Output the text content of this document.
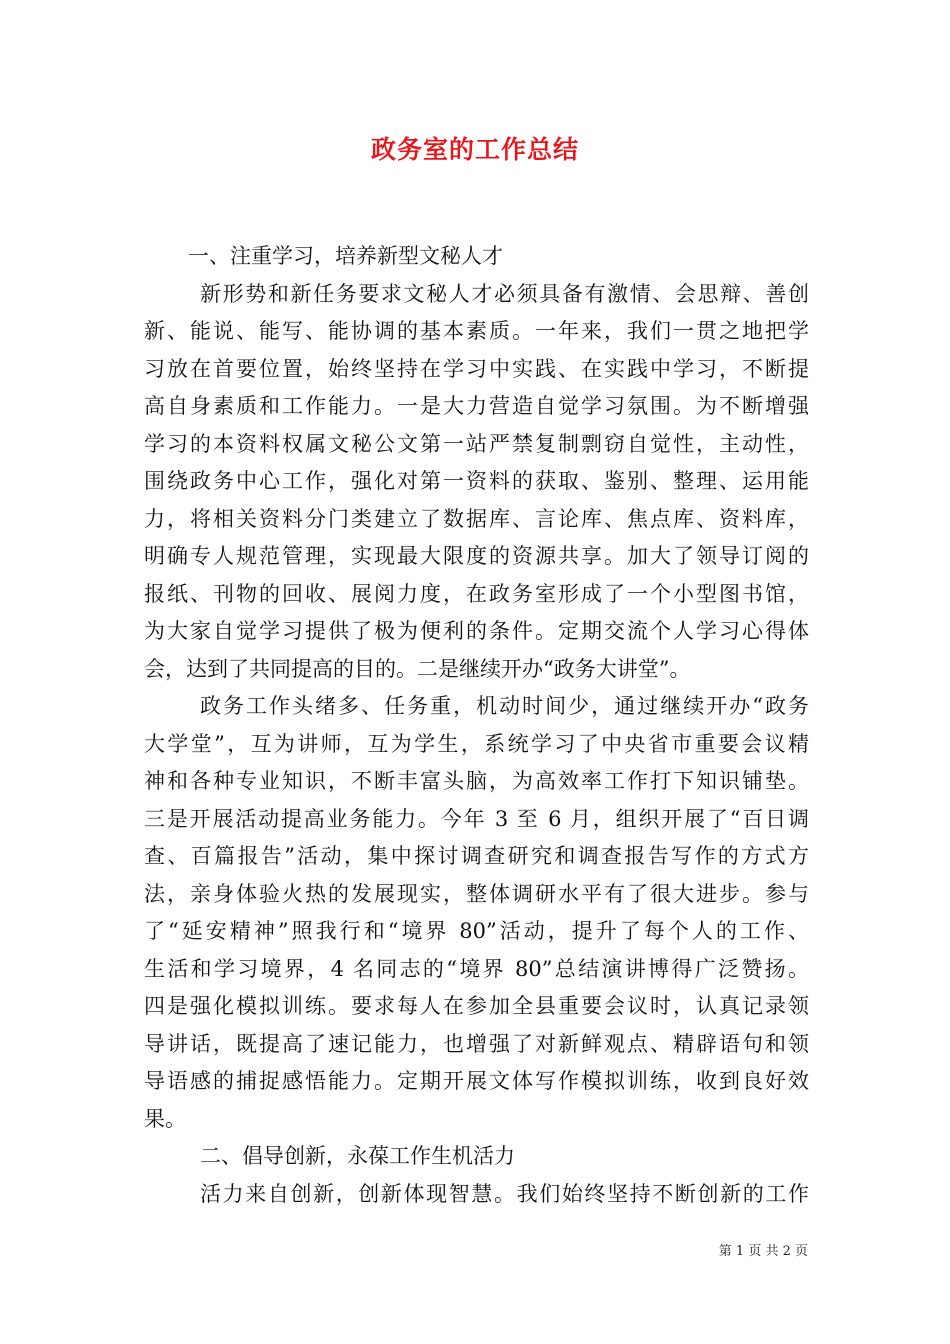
政务室的工作总结
一、注重学习，培养新型文秘人才
新形势和新任务要求文秘人才必须具备有激情、会思辩、善创
新、能说、能写、能协调的基本素质。一年来，我们一贯之地把学
习放在首要位置，始终坚持在学习中实践、在实践中学习，不断提
高自身素质和工作能力。一是大力营造自觉学习氛围。为不断增强
学习的本资料权属文秘公文第一站严禁复制剽窃自觉性，主动性，
围绕政务中心工作，强化对第一资料的获取、鉴别、整理、运用能
力，将相关资料分门类建立了数据库、言论库、焦点库、资料库，
明确专人规范管理，实现最大限度的资源共享。加大了领导订阅的
报纸、刊物的回收、展阅力度，在政务室形成了一个小型图书馆，
为大家自觉学习提供了极为便利的条件。定期交流个人学习心得体
会，达到了共同提高的目的。二是继续开办“政务大讲堂”。
政务工作头绪多、任务重，机动时间少，通过继续开办“政务
大学堂”，互为讲师，互为学生，系统学习了中央省市重要会议精
神和各种专业知识，不断丰富头脑，为高效率工作打下知识铺垫。
三是开展活动提高业务能力。今年 3 至 6 月，组织开展了“百日调
查、百篇报告”活动，集中探讨调查研究和调查报告写作的方式方
法，亲身体验火热的发展现实，整体调研水平有了很大进步。参与
了“延安精神”照我行和“境界 80”活动，提升了每个人的工作、
生活和学习境界，4 名同志的“境界 80”总结演讲博得广泛赞扬。
四是强化模拟训练。要求每人在参加全县重要会议时，认真记录领
导讲话，既提高了速记能力，也增强了对新鲜观点、精辟语句和领
导语感的捕捉感悟能力。定期开展文体写作模拟训练，收到良好效
果。
二、倡导创新，永葆工作生机活力
活力来自创新，创新体现智慧。我们始终坚持不断创新的工作
第 1 页 共 2 页
